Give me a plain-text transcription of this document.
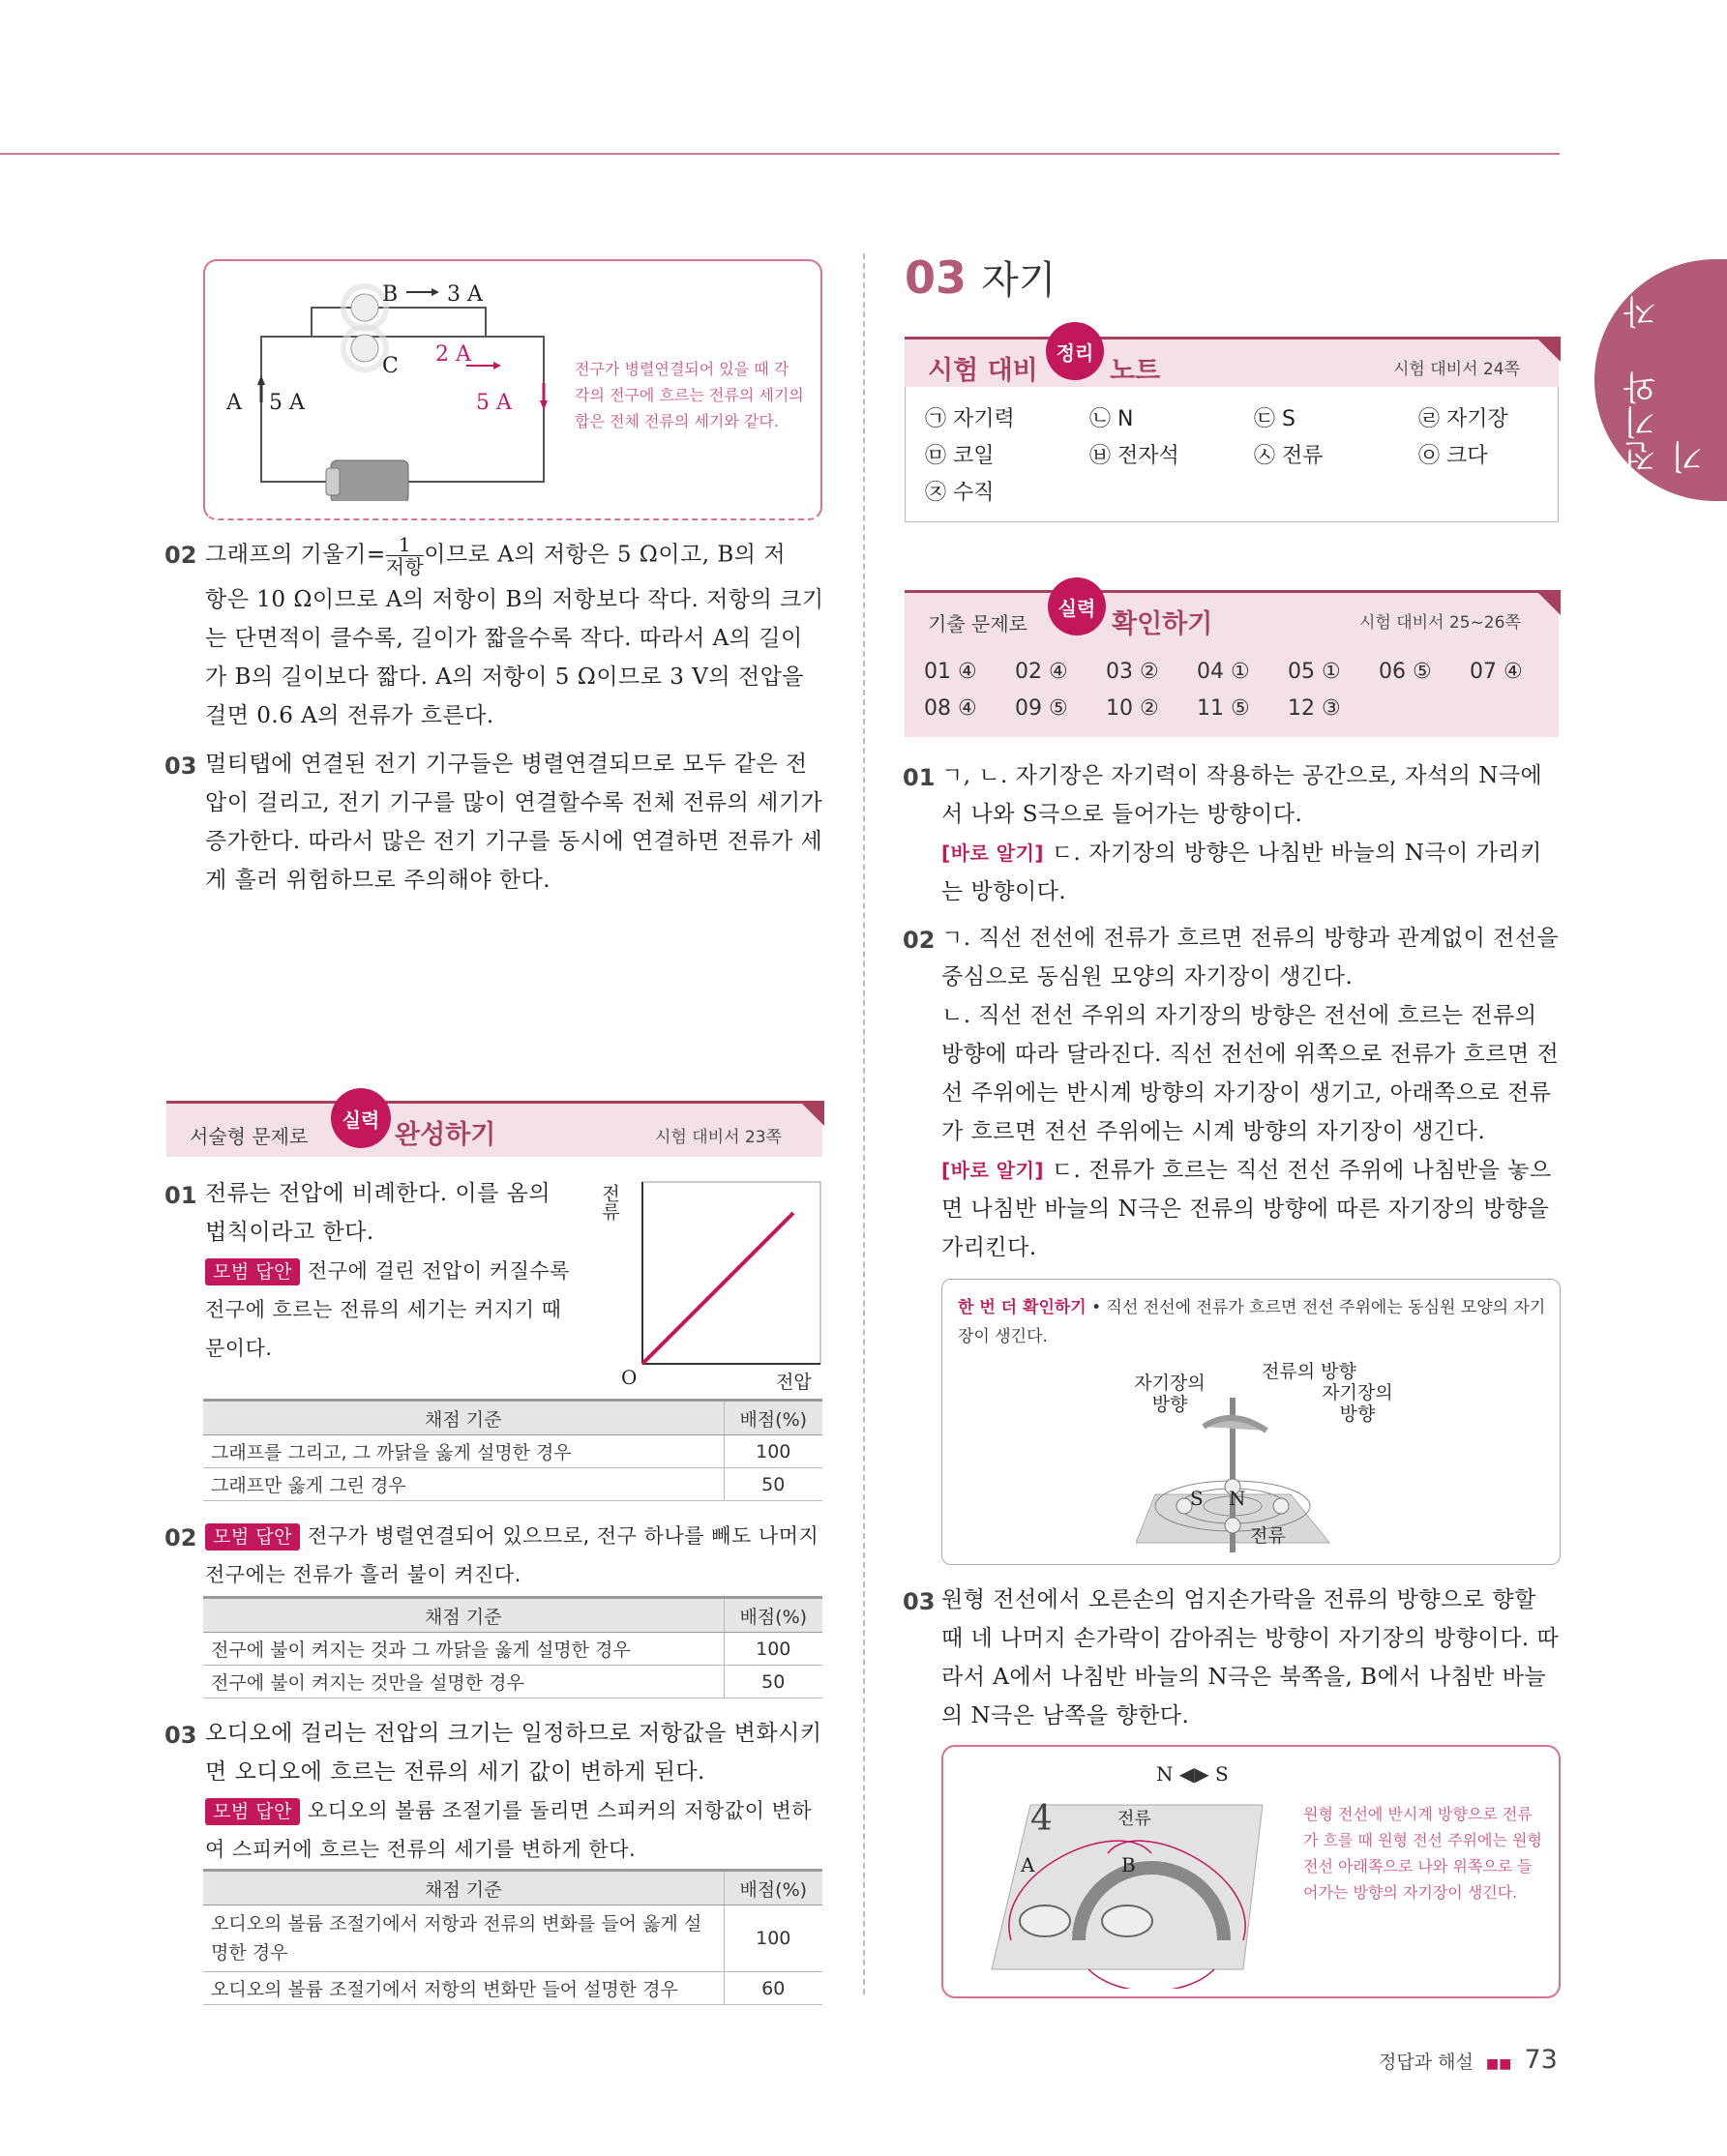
전기와 자기
B 3 A
C 2 A
A 5 A	5 A
전구가 병렬연결되어 있을 때 각 각의 전구에 흐르는 전류의 세기의 합은 전체 전류의 세기와 같다.
02 그래프의 기울기= 1
저항 이므로 A의 저항은 5 Ω이고, B의 저
항은 10 Ω이므로 A의 저항이 B의 저항보다 작다. 저항의 크기는 단면적이 클수록, 길이가 짧을수록 작다. 따라서 A의 길이가 B의 길이보다 짧다. A의 저항이 5 Ω이므로 3 V의 전압을 걸면 0.6 A의 전류가 흐른다.
03 멀티탭에 연결된 전기 기구들은 병렬연결되므로 모두 같은 전압이 걸리고, 전기 기구를 많이 연결할수록 전체 전류의 세기가 증가한다. 따라서 많은 전기 기구를 동시에 연결하면 전류가 세게 흘러 위험하므로 주의해야 한다.
서술형 문제로
실력
완성하기	시험 대비서 23쪽
01 전류는 전압에 비례한다. 이를 옴의 법칙이라고 한다.
모범 답안 전구에 걸린 전압이 커질수록 전구에 흐르는 전류의 세기는 커지기 때문이다.
전류
O	전압
채점 기준	배점(%)
그래프를 그리고, 그 까닭을 옳게 설명한 경우	100
그래프만 옳게 그린 경우	50
02 모범 답안 전구가 병렬연결되어 있으므로, 전구 하나를 빼도 나머지 전구에는 전류가 흘러 불이 켜진다.
채점 기준	배점(%)
전구에 불이 켜지는 것과 그 까닭을 옳게 설명한 경우	100
전구에 불이 켜지는 것만을 설명한 경우	50
03 오디오에 걸리는 전압의 크기는 일정하므로 저항값을 변화시키면 오디오에 흐르는 전류의 세기 값이 변하게 된다.
모범 답안 오디오의 볼륨 조절기를 돌리면 스피커의 저항값이 변하여 스피커에 흐르는 전류의 세기를 변하게 한다.
채점 기준	배점(%)
오디오의 볼륨 조절기에서 저항과 전류의 변화를 들어 옳게 설명한 경우	100
오디오의 볼륨 조절기에서 저항의 변화만 들어 설명한 경우	60
03 자기
시험 대비
정리
노트	시험 대비서 24쪽
㉠ 자기력	㉡ N	㉢ S	㉣ 자기장
㉤ 코일	㉥ 전자석	㉦ 전류	㉧ 크다
㉨ 수직
기출 문제로
실력
확인하기	시험 대비서 25~26쪽
01 ④ 02 ④ 03 ② 04 ① 05 ① 06 ⑤ 07 ④
08 ④ 09 ⑤ 10 ② 11 ⑤ 12 ③
01 ㄱ, ㄴ. 자기장은 자기력이 작용하는 공간으로, 자석의 N극에서 나와 S극으로 들어가는 방향이다.
[바로 알기] ㄷ. 자기장의 방향은 나침반 바늘의 N극이 가리키는 방향이다.
02 ㄱ. 직선 전선에 전류가 흐르면 전류의 방향과 관계없이 전선을 중심으로 동심원 모양의 자기장이 생긴다.
ㄴ. 직선 전선 주위의 자기장의 방향은 전선에 흐르는 전류의 방향에 따라 달라진다. 직선 전선에 위쪽으로 전류가 흐르면 전선 주위에는 반시계 방향의 자기장이 생기고, 아래쪽으로 전류가 흐르면 전선 주위에는 시계 방향의 자기장이 생긴다.
[바로 알기] ㄷ. 전류가 흐르는 직선 전선 주위에 나침반을 놓으면 나침반 바늘의 N극은 전류의 방향에 따른 자기장의 방향을 가리킨다.
한 번 더 확인하기 • 직선 전선에 전류가 흐르면 전선 주위에는 동심원 모양의 자기장이 생긴다.
자기장의 방향
전류의 방향
자기장의 방향
S N
전류
03 원형 전선에서 오른손의 엄지손가락을 전류의 방향으로 향할 때 네 나머지 손가락이 감아쥐는 방향이 자기장의 방향이다. 따라서 A에서 나침반 바늘의 N극은 북쪽을, B에서 나침반 바늘의 N극은 남쪽을 향한다.
N ◀▶ S
전류
4
A	B
원형 전선에 반시계 방향으로 전류가 흐를 때 원형 전선 주위에는 원형 전선 아래쪽으로 나와 위쪽으로 들어가는 방향의 자기장이 생긴다.
정답과 해설 ■■ 73
